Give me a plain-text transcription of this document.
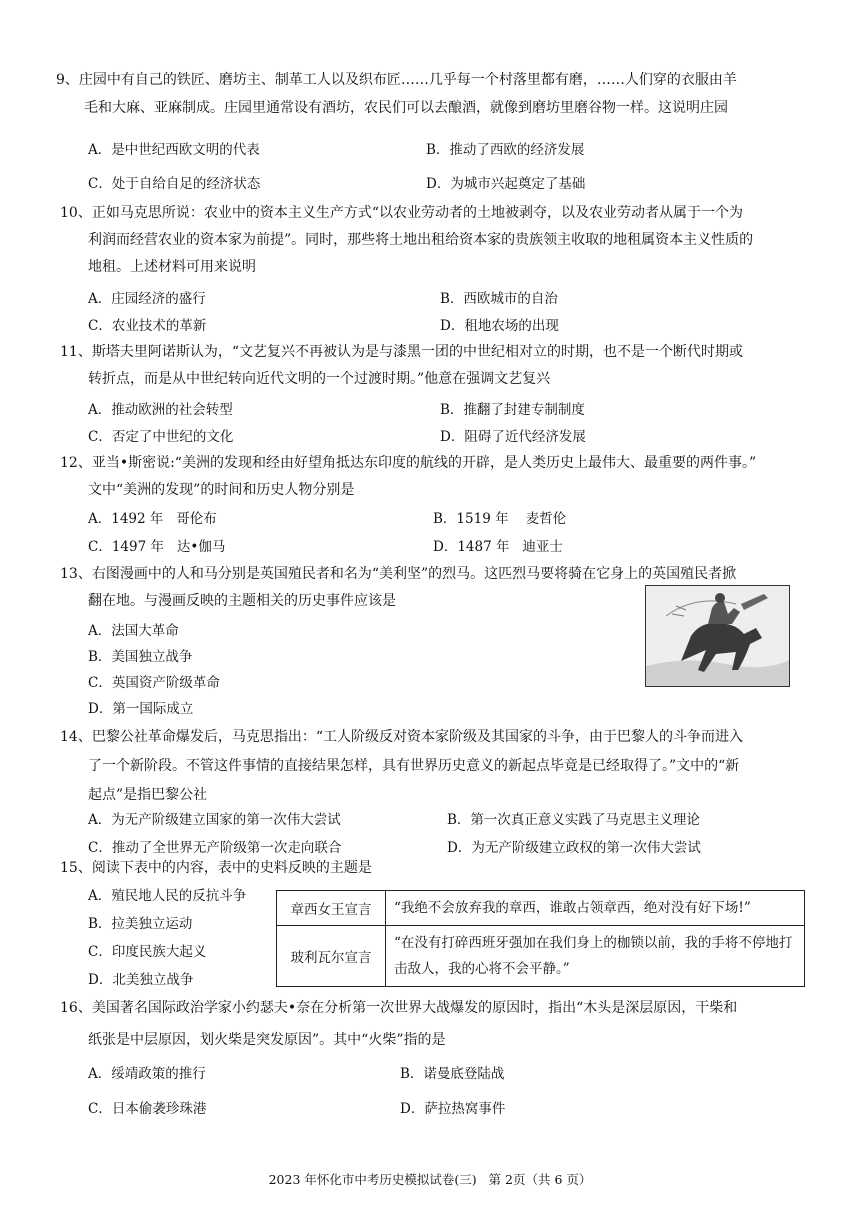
9、庄园中有自己的铁匠、磨坊主、制革工人以及织布匠……几乎每一个村落里都有磨，……人们穿的衣服由羊
毛和大麻、亚麻制成。庄园里通常设有酒坊，农民们可以去酿酒，就像到磨坊里磨谷物一样。这说明庄园
A．是中世纪西欧文明的代表	B．推动了西欧的经济发展
C．处于自给自足的经济状态	D．为城市兴起奠定了基础
10、正如马克思所说：农业中的资本主义生产方式“以农业劳动者的土地被剥夺，以及农业劳动者从属于一个为
利润而经营农业的资本家为前提”。同时，那些将土地出租给资本家的贵族领主收取的地租属资本主义性质的
地租。上述材料可用来说明
A．庄园经济的盛行	B．西欧城市的自治
C．农业技术的革新	D．租地农场的出现
11、斯塔夫里阿诺斯认为，“文艺复兴不再被认为是与漆黑一团的中世纪相对立的时期，也不是一个断代时期或
转折点，而是从中世纪转向近代文明的一个过渡时期。”他意在强调文艺复兴
A．推动欧洲的社会转型	B．推翻了封建专制制度
C．否定了中世纪的文化	D．阻碍了近代经济发展
12、亚当•斯密说:“美洲的发现和经由好望角抵达东印度的航线的开辟，是人类历史上最伟大、最重要的两件事。”
文中“美洲的发现”的时间和历史人物分别是
A．1492 年   哥伦布	B．1519 年    麦哲伦
C．1497 年   达•伽马	D．1487 年   迪亚士
13、右图漫画中的人和马分别是英国殖民者和名为“美利坚”的烈马。这匹烈马要将骑在它身上的英国殖民者掀
翻在地。与漫画反映的主题相关的历史事件应该是
A．法国大革命
B．美国独立战争
C．英国资产阶级革命
D．第一国际成立
14、巴黎公社革命爆发后，马克思指出：“工人阶级反对资本家阶级及其国家的斗争，由于巴黎人的斗争而进入
了一个新阶段。不管这件事情的直接结果怎样，具有世界历史意义的新起点毕竟是已经取得了。”文中的“新
起点”是指巴黎公社
A．为无产阶级建立国家的第一次伟大尝试	B．第一次真正意义实践了马克思主义理论
C．推动了全世界无产阶级第一次走向联合	D．为无产阶级建立政权的第一次伟大尝试
15、阅读下表中的内容，表中的史料反映的主题是
A．殖民地人民的反抗斗争
B．拉美独立运动
C．印度民族大起义
D．北美独立战争
章西女王宣言	“我绝不会放弃我的章西，谁敢占领章西，绝对没有好下场!”
玻利瓦尔宣言	“在没有打碎西班牙强加在我们身上的枷锁以前，我的手将不停地打击敌人，我的心将不会平静。”
16、美国著名国际政治学家小约瑟夫•奈在分析第一次世界大战爆发的原因时，指出“木头是深层原因，干柴和
纸张是中层原因，划火柴是突发原因”。其中“火柴”指的是
A．绥靖政策的推行	B．诺曼底登陆战
C．日本偷袭珍珠港	D．萨拉热窝事件
2023 年怀化市中考历史模拟试卷(三)   第 2页（共 6 页）
